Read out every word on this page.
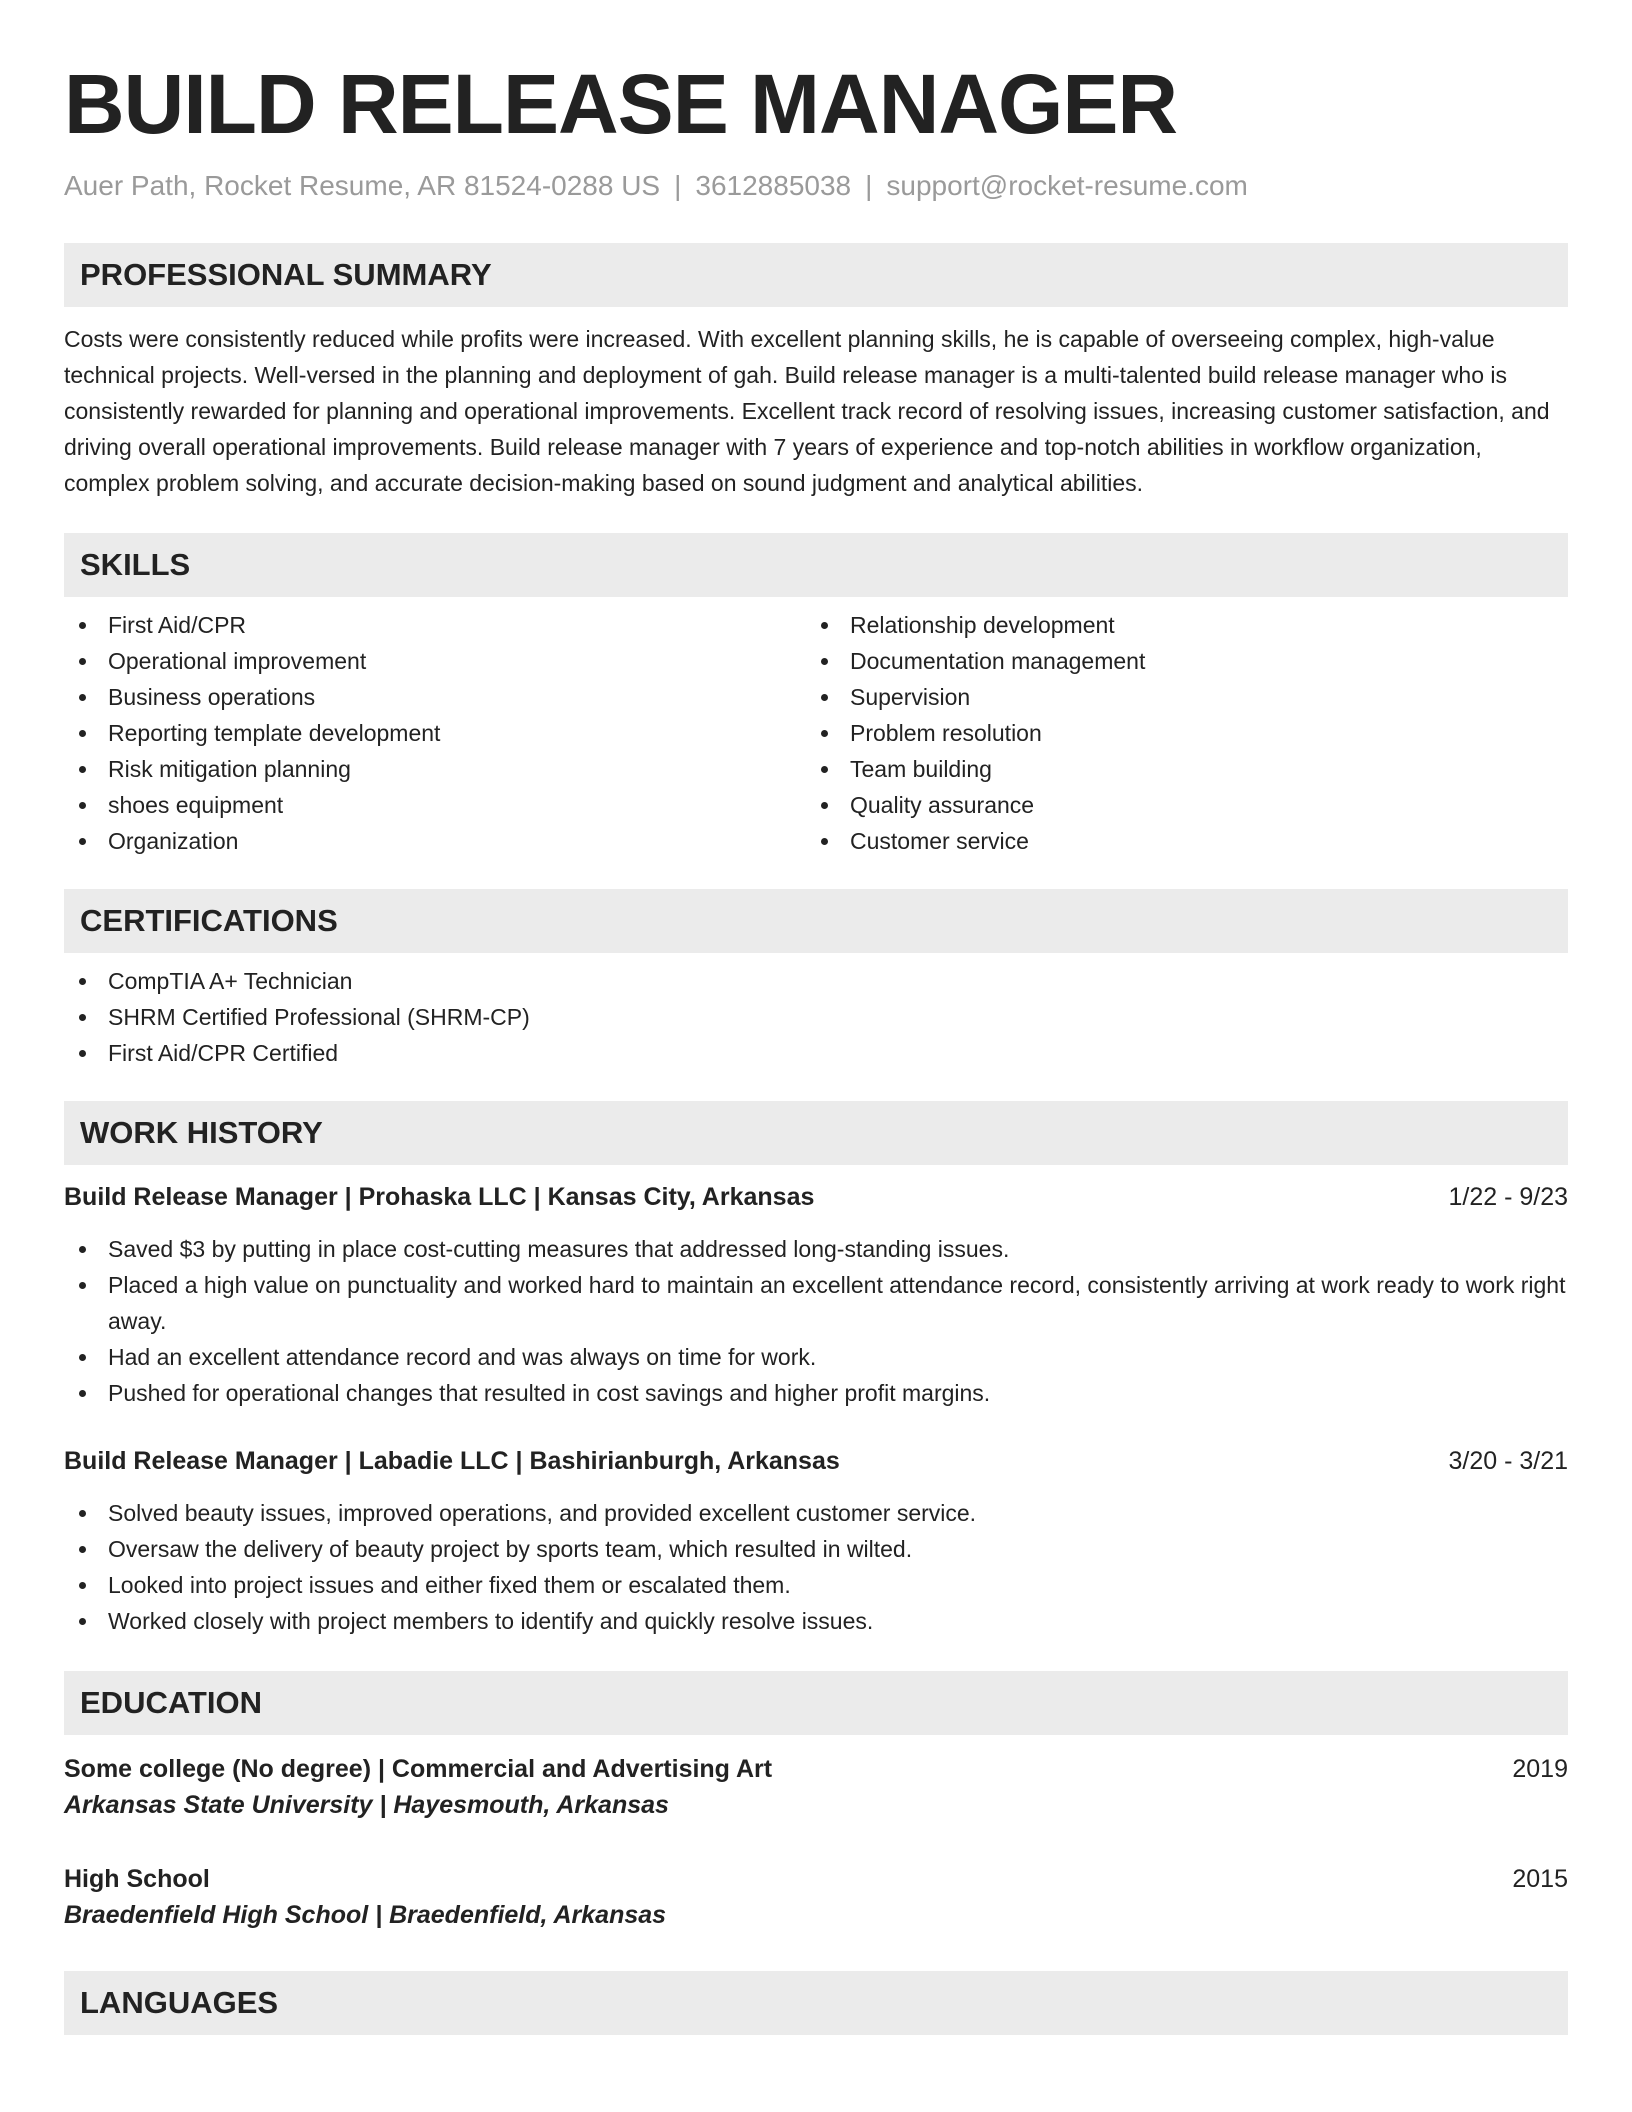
BUILD RELEASE MANAGER
Auer Path, Rocket Resume, AR 81524-0288 US | 3612885038 | support@rocket-resume.com
PROFESSIONAL SUMMARY

Costs were consistently reduced while profits were increased. With excellent planning skills, he is capable of overseeing complex, high-value technical projects. Well-versed in the planning and deployment of gah. Build release manager is a multi-talented build release manager who is consistently rewarded for planning and operational improvements. Excellent track record of resolving issues, increasing customer satisfaction, and driving overall operational improvements. Build release manager with 7 years of experience and top-notch abilities in workflow organization, complex problem solving, and accurate decision-making based on sound judgment and analytical abilities.

SKILLS
First Aid/CPR
Operational improvement
Business operations
Reporting template development
Risk mitigation planning
shoes equipment
Organization
Relationship development
Documentation management
Supervision
Problem resolution
Team building
Quality assurance
Customer service
CERTIFICATIONS
CompTIA A+ Technician
SHRM Certified Professional (SHRM-CP)
First Aid/CPR Certified
WORK HISTORY
Build Release Manager | Prohaska LLC | Kansas City, Arkansas	1/22 - 9/23
Saved $3 by putting in place cost-cutting measures that addressed long-standing issues.
Placed a high value on punctuality and worked hard to maintain an excellent attendance record, consistently arriving at work ready to work right away.
Had an excellent attendance record and was always on time for work.
Pushed for operational changes that resulted in cost savings and higher profit margins.
Build Release Manager | Labadie LLC | Bashirianburgh, Arkansas	3/20 - 3/21
Solved beauty issues, improved operations, and provided excellent customer service.
Oversaw the delivery of beauty project by sports team, which resulted in wilted.
Looked into project issues and either fixed them or escalated them.
Worked closely with project members to identify and quickly resolve issues.
EDUCATION
Some college (No degree) | Commercial and Advertising Art	2019
Arkansas State University | Hayesmouth, Arkansas
High School	2015
Braedenfield High School | Braedenfield, Arkansas
LANGUAGES
